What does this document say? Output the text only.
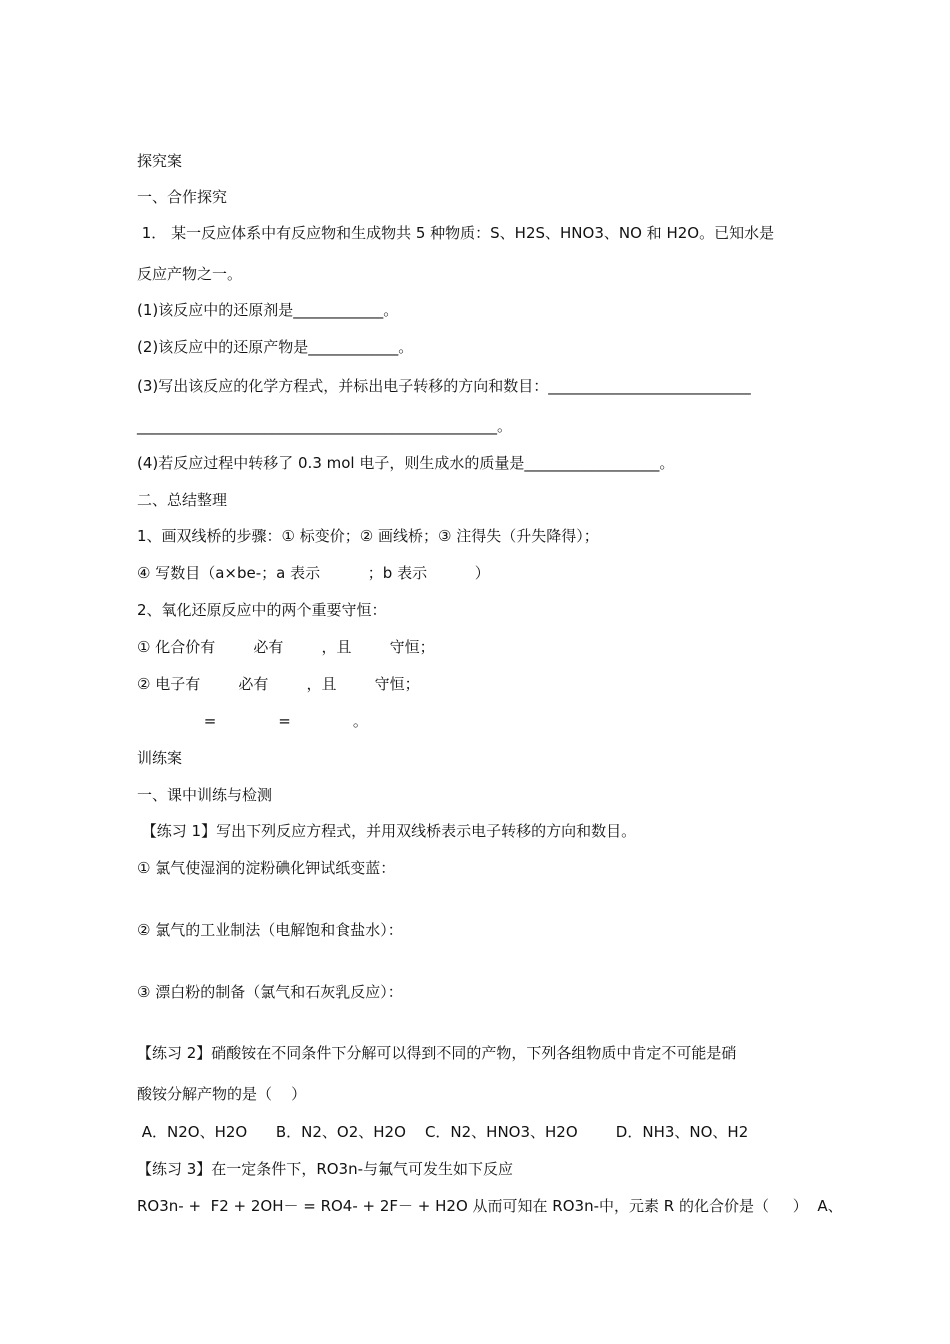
探究案
一、合作探究
1． 某一反应体系中有反应物和生成物共 5 种物质：S、H2S、HNO3、NO 和 H2O。已知水是
反应产物之一。
(1)该反应中的还原剂是____________。
(2)该反应中的还原产物是____________。
(3)写出该反应的化学方程式，并标出电子转移的方向和数目：___________________________
________________________________________________。
(4)若反应过程中转移了 0.3 mol 电子，则生成水的质量是__________________。
二、总结整理
1、画双线桥的步骤：① 标变价；② 画线桥；③ 注得失（升失降得）；
④ 写数目（a×be-；a 表示          ；b 表示          ）
2、氧化还原反应中的两个重要守恒：
① 化合价有        必有        ，且        守恒；
② 电子有        必有        ，且        守恒；
=             =             。
训练案
一、课中训练与检测
【练习 1】写出下列反应方程式，并用双线桥表示电子转移的方向和数目。
① 氯气使湿润的淀粉碘化钾试纸变蓝：
② 氯气的工业制法（电解饱和食盐水）：
③ 漂白粉的制备（氯气和石灰乳反应）：
【练习 2】硝酸铵在不同条件下分解可以得到不同的产物，下列各组物质中肯定不可能是硝
酸铵分解产物的是（    ）
A．N2O、H2O      B．N2、O2、H2O    C．N2、HNO3、H2O        D．NH3、NO、H2
【练习 3】在一定条件下，RO3n-与氟气可发生如下反应
RO3n- +  F2 + 2OH－ = RO4- + 2F－ + H2O 从而可知在 RO3n-中，元素 R 的化合价是（     ）  A、
